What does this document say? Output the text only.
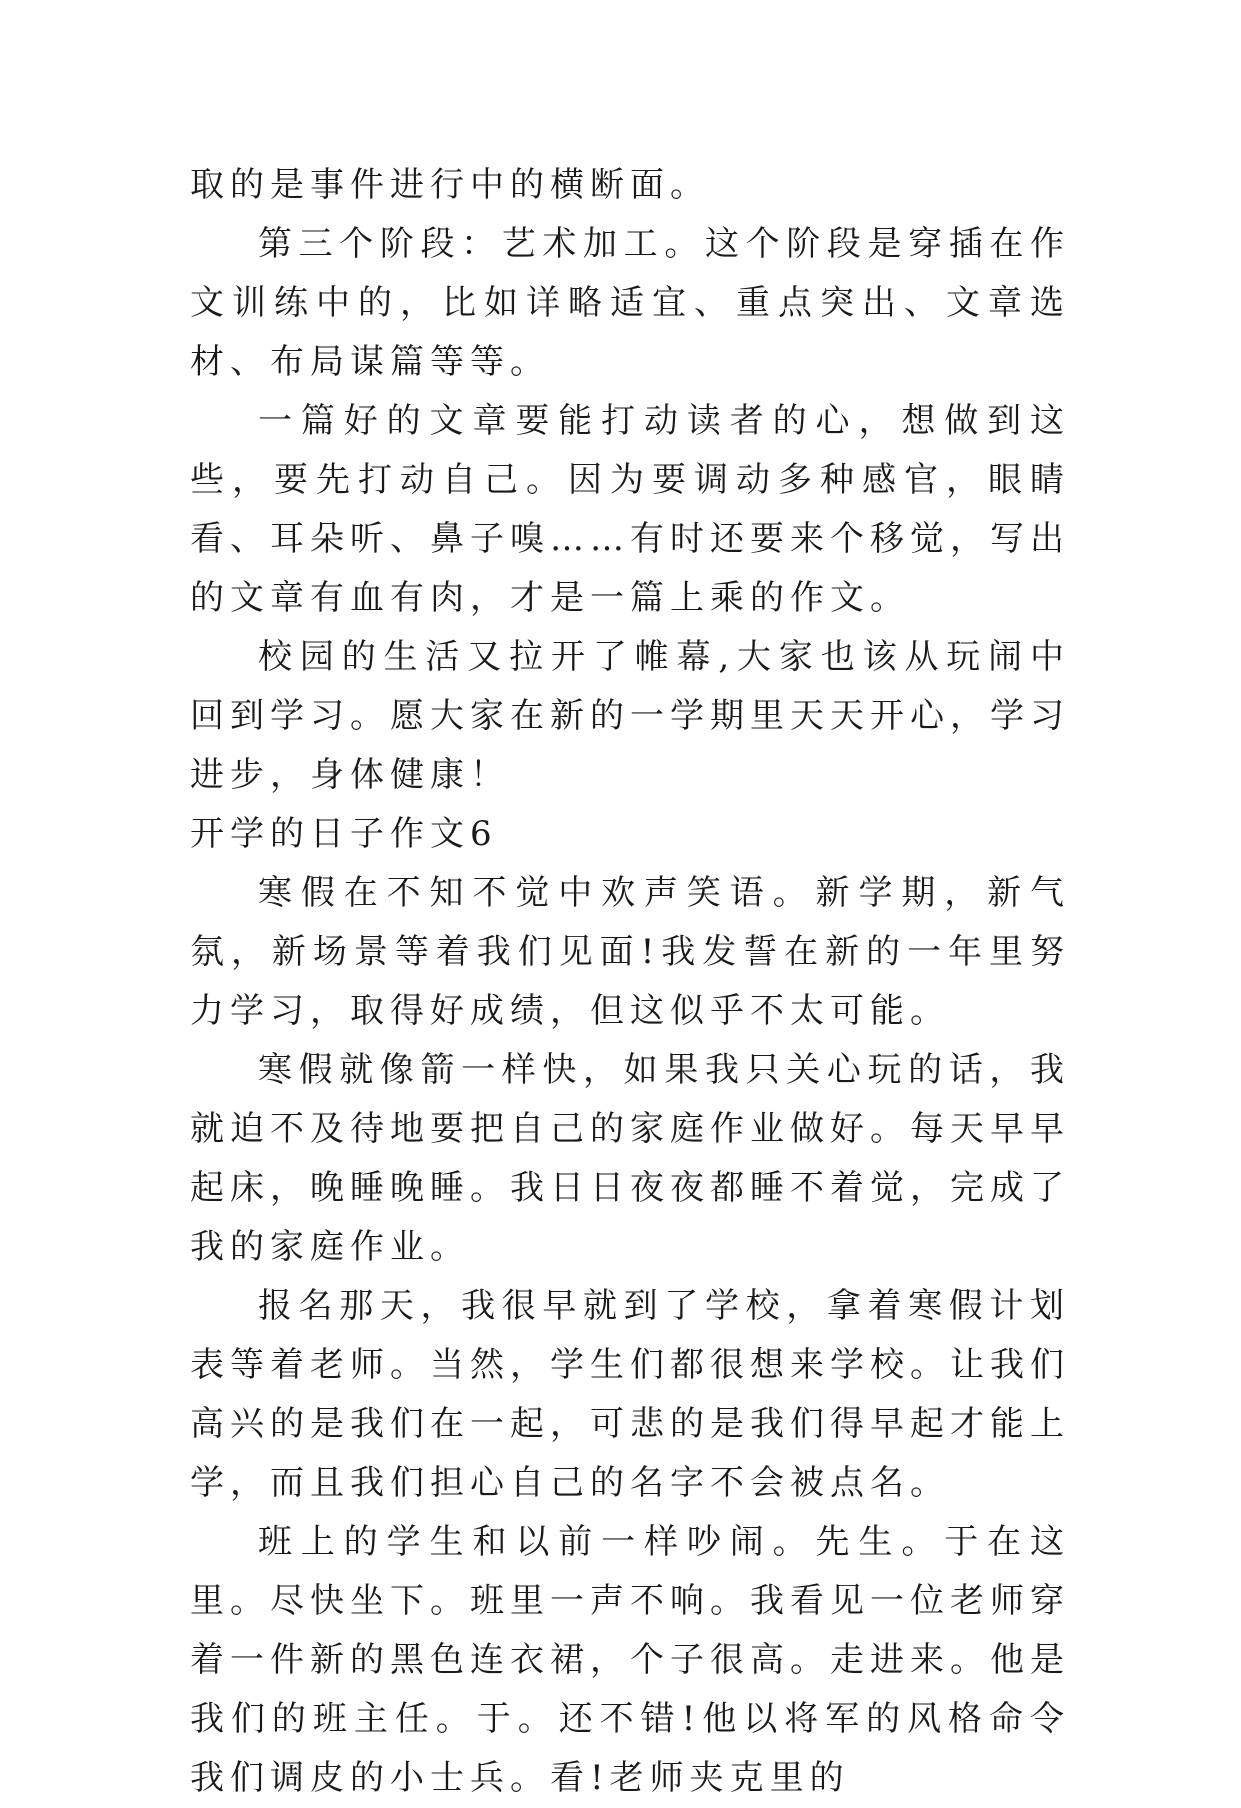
取的是事件进行中的横断面。

第三个阶段：艺术加工。这个阶段是穿插在作文训练中的，比如详略适宜、重点突出、文章选材、布局谋篇等等。

一篇好的文章要能打动读者的心，想做到这些，要先打动自己。因为要调动多种感官，眼睛看、耳朵听、鼻子嗅……有时还要来个移觉，写出的文章有血有肉，才是一篇上乘的作文。

校园的生活又拉开了帷幕,大家也该从玩闹中回到学习。愿大家在新的一学期里天天开心，学习进步，身体健康！

开学的日子作文6

寒假在不知不觉中欢声笑语。新学期，新气氛，新场景等着我们见面!我发誓在新的一年里努力学习，取得好成绩，但这似乎不太可能。

寒假就像箭一样快，如果我只关心玩的话，我就迫不及待地要把自己的家庭作业做好。每天早早起床，晚睡晚睡。我日日夜夜都睡不着觉，完成了我的家庭作业。

报名那天，我很早就到了学校，拿着寒假计划表等着老师。当然，学生们都很想来学校。让我们高兴的是我们在一起，可悲的是我们得早起才能上学，而且我们担心自己的名字不会被点名。

班上的学生和以前一样吵闹。先生。于在这里。尽快坐下。班里一声不响。我看见一位老师穿着一件新的黑色连衣裙，个子很高。走进来。他是我们的班主任。于。还不错!他以将军的风格命令我们调皮的小士兵。看!老师夹克里的
